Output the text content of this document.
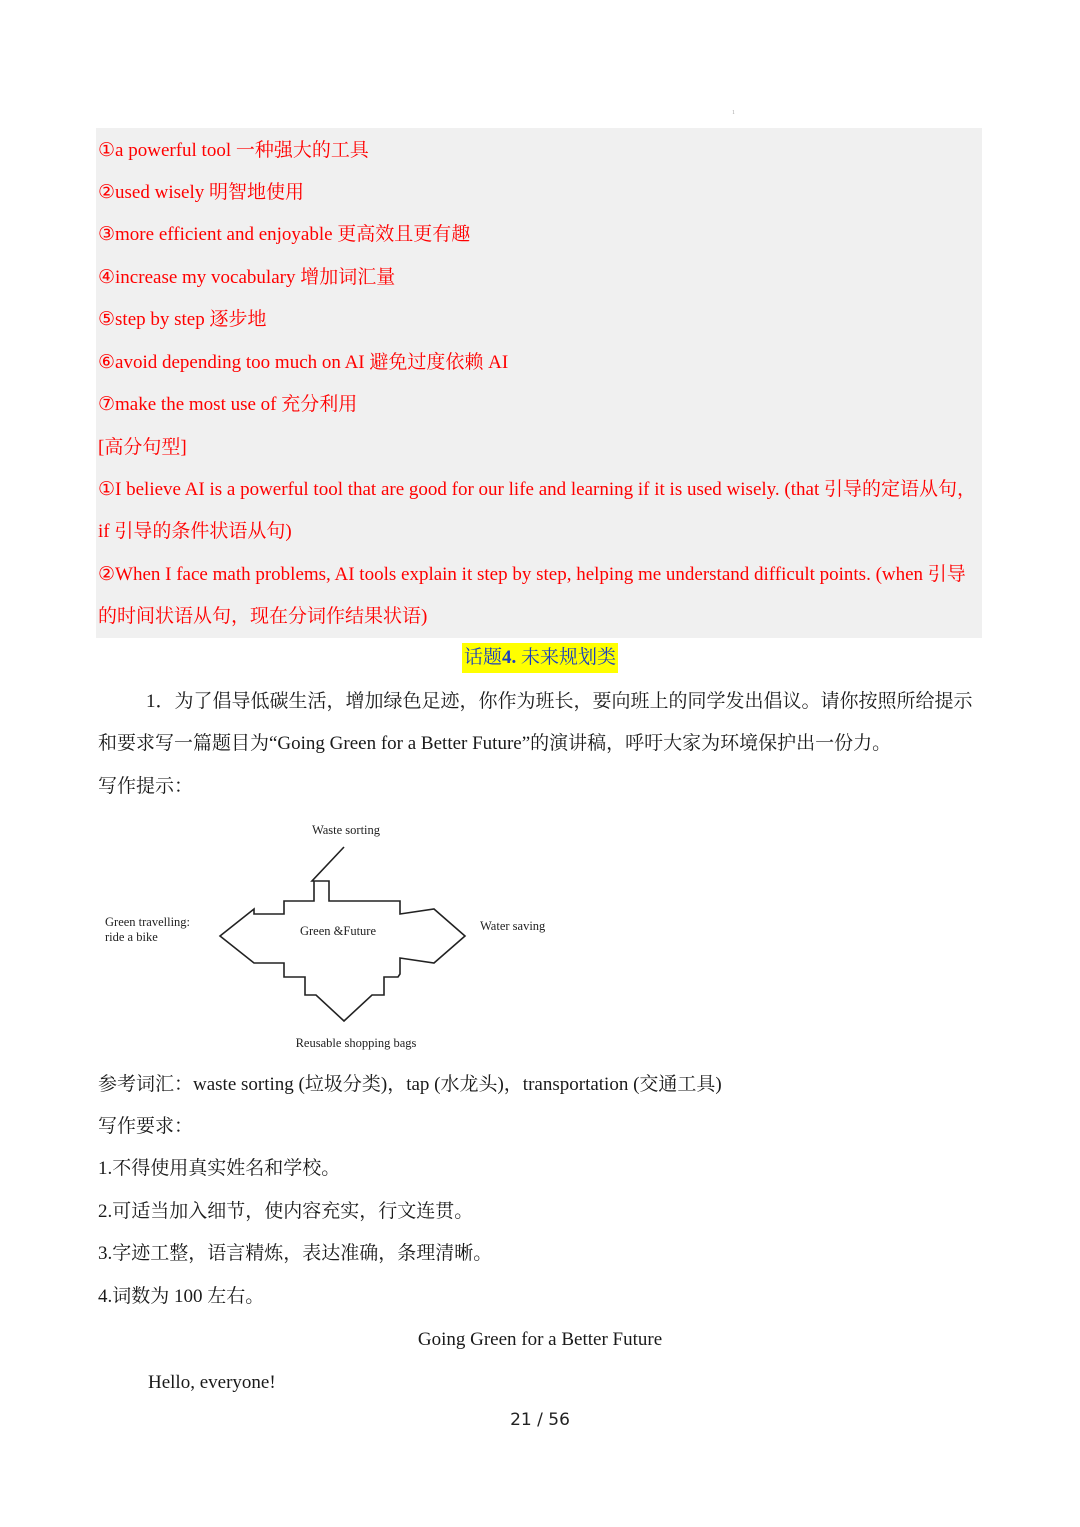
1
①a powerful tool 一种强大的工具
②used wisely 明智地使用
③more efficient and enjoyable 更高效且更有趣
④increase my vocabulary 增加词汇量
⑤step by step 逐步地
⑥avoid depending too much on AI 避免过度依赖 AI
⑦make the most use of 充分利用
[高分句型]
①I believe AI is a powerful tool that are good for our life and learning if it is used wisely. (that 引导的定语从句，
if 引导的条件状语从句)
②When I face math problems, AI tools explain it step by step, helping me understand difficult points. (when 引导
的时间状语从句，现在分词作结果状语)
话题4. 未来规划类
1．为了倡导低碳生活，增加绿色足迹，你作为班长，要向班上的同学发出倡议。请你按照所给提示
和要求写一篇题目为“Going Green for a Better Future”的演讲稿，呼吁大家为环境保护出一份力。
写作提示：
Waste sorting
Green travelling:
ride a bike	Green &Future	Water saving
Reusable shopping bags
参考词汇：waste sorting (垃圾分类)，tap (水龙头)，transportation (交通工具)
写作要求：
1.不得使用真实姓名和学校。
2.可适当加入细节，使内容充实，行文连贯。
3.字迹工整，语言精炼，表达准确，条理清晰。
4.词数为 100 左右。
Going Green for a Better Future
Hello, everyone!
21 / 56
